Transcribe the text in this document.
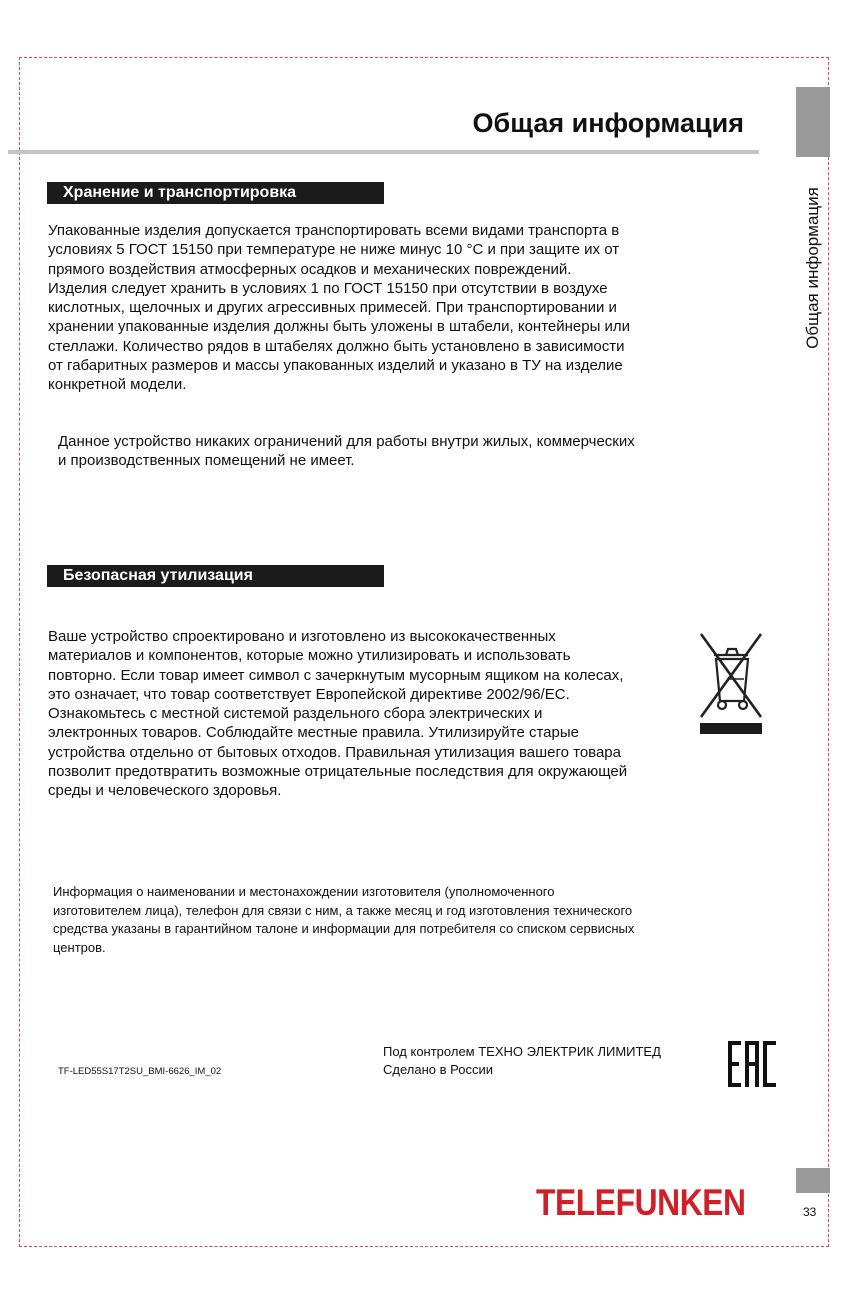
Общая информация
Общая информация
Хранение и транспортировка
Упакованные изделия допускается транспортировать всеми видами транспорта в
условиях 5 ГОСТ 15150 при температуре не ниже минус 10 °С и при защите их от
прямого воздействия атмосферных осадков и механических повреждений.
Изделия следует хранить в условиях 1 по ГОСТ 15150 при отсутствии в воздухе
кислотных, щелочных и других агрессивных примесей. При транспортировании и
хранении упакованные изделия должны быть уложены в штабели, контейнеры или
стеллажи. Количество рядов в штабелях должно быть установлено в зависимости
от габаритных размеров и массы упакованных изделий и указано в ТУ на изделие
конкретной модели.
Данное устройство никаких ограничений для работы внутри жилых, коммерческих
и производственных помещений не имеет.
Безопасная утилизация
Ваше устройство спроектировано и изготовлено из высококачественных
материалов и компонентов, которые можно утилизировать и использовать
повторно. Если товар имеет символ с зачеркнутым мусорным ящиком на колесах,
это означает, что товар соответствует Европейской директиве 2002/96/ЕС.
Ознакомьтесь с местной системой раздельного сбора электрических и
электронных товаров. Соблюдайте местные правила. Утилизируйте старые
устройства отдельно от бытовых отходов. Правильная утилизация вашего товара
позволит предотвратить возможные отрицательные последствия для окружающей
среды и человеческого здоровья.
Информация о наименовании и местонахождении изготовителя (уполномоченного
изготовителем лица), телефон для связи с ним, а также месяц и год изготовления технического
средства указаны в гарантийном талоне и информации для потребителя со списком сервисных
центров.
TF-LED55S17T2SU_BMI-6626_IM_02
Под контролем ТЕХНО ЭЛЕКТРИК ЛИМИТЕД
Сделано в России
TELEFUNKEN	33
